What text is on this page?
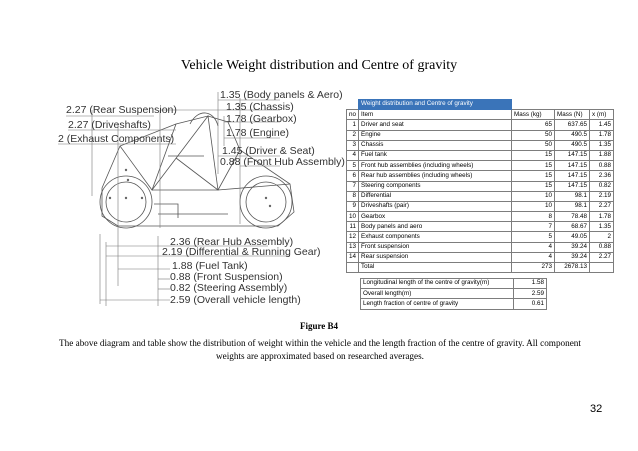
Vehicle Weight distribution and Centre of gravity
1.35 (Body panels & Aero)
1.35 (Chassis)
2.27 (Rear Suspension)
1.78 (Gearbox)
2.27 (Driveshafts)
1.78 (Engine)
2 (Exhaust Components)
1.45 (Driver & Seat)
0.88 (Front Hub Assembly)
2.36 (Rear Hub Assembly)
2.19 (Differential & Running Gear)
1.88 (Fuel Tank)
0.88 (Front Suspension)
0.82 (Steering Assembly)
2.59 (Overall vehicle length)
	Weight distribution and Centre of gravity			
no	Item	Mass (kg)	Mass (N)	x (m)
1	Driver and seat	65	637.65	1.45
2	Engine	50	490.5	1.78
3	Chassis	50	490.5	1.35
4	Fuel tank	15	147.15	1.88
5	Front hub assemblies (including wheels)	15	147.15	0.88
6	Rear hub assemblies (including wheels)	15	147.15	2.36
7	Steering components	15	147.15	0.82
8	Differential	10	98.1	2.19
9	Driveshafts (pair)	10	98.1	2.27
10	Gearbox	8	78.48	1.78
11	Body panels and aero	7	68.67	1.35
12	Exhaust components	5	49.05	2
13	Front suspension	4	39.24	0.88
14	Rear suspension	4	39.24	2.27
	Total	273	2678.13	
Longitudinal length of the centre of gravity(m)	1.58
Overall length(m)	2.59
Length fraction of centre of gravity	0.61
Figure B4
The above diagram and table show the distribution of weight within the vehicle and the length fraction of the centre of gravity. All component weights are approximated based on researched averages.
32
